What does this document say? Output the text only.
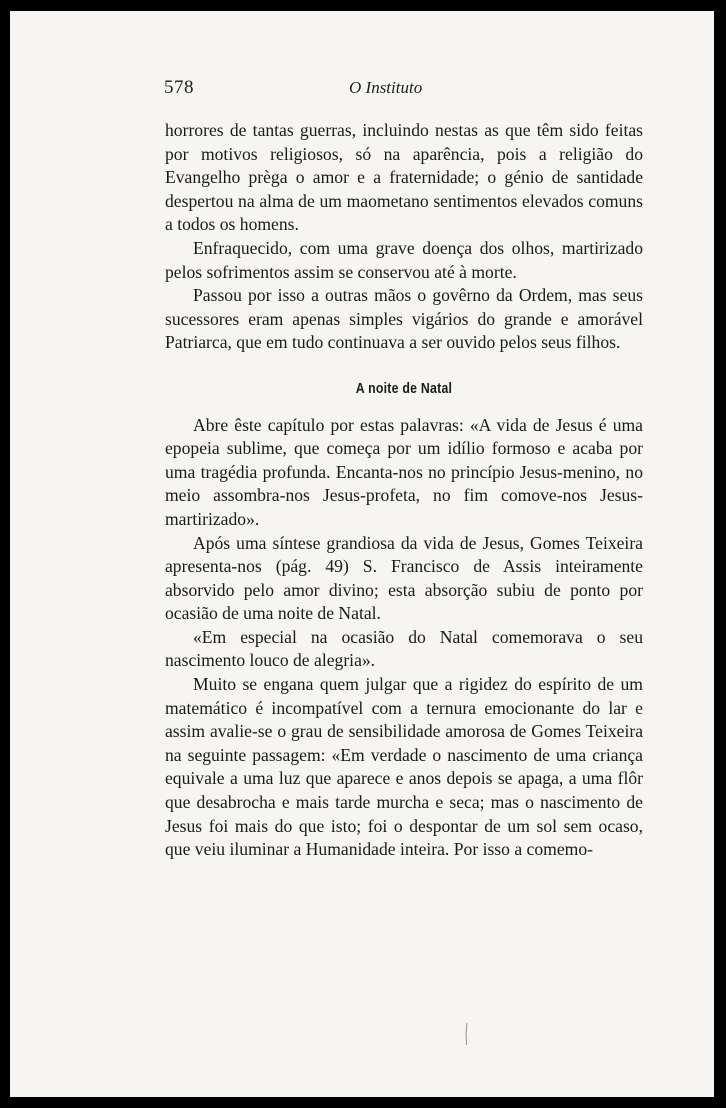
578	O Instituto

horrores de tantas guerras, incluindo nestas as que têm sido feitas por motivos religiosos, só na aparência, pois a religião do Evangelho prèga o amor e a fraternidade; o génio de santidade despertou na alma de um maometano sentimentos elevados comuns a todos os homens.

Enfraquecido, com uma grave doença dos olhos, martirizado pelos sofrimentos assim se conservou até à morte.

Passou por isso a outras mãos o govêrno da Ordem, mas seus sucessores eram apenas simples vigários do grande e amorável Patriarca, que em tudo continuava a ser ouvido pelos seus filhos.

A noite de Natal

Abre êste capítulo por estas palavras: «A vida de Jesus é uma epopeia sublime, que começa por um idílio formoso e acaba por uma tragédia profunda. Encanta-nos no princípio Jesus-menino, no meio assombra-nos Jesus-profeta, no fim comove-nos Jesus-martirizado».

Após uma síntese grandiosa da vida de Jesus, Gomes Teixeira apresenta-nos (pág. 49) S. Francisco de Assis inteiramente absorvido pelo amor divino; esta absorção subiu de ponto por ocasião de uma noite de Natal.

«Em especial na ocasião do Natal comemorava o seu nascimento louco de alegria».

Muito se engana quem julgar que a rigidez do espírito de um matemático é incompatível com a ternura emocionante do lar e assim avalie-se o grau de sensibilidade amorosa de Gomes Teixeira na seguinte passagem: «Em verdade o nascimento de uma criança equivale a uma luz que aparece e anos depois se apaga, a uma flôr que desabrocha e mais tarde murcha e seca; mas o nascimento de Jesus foi mais do que isto; foi o despontar de um sol sem ocaso, que veiu iluminar a Humanidade inteira. Por isso a comemo-
